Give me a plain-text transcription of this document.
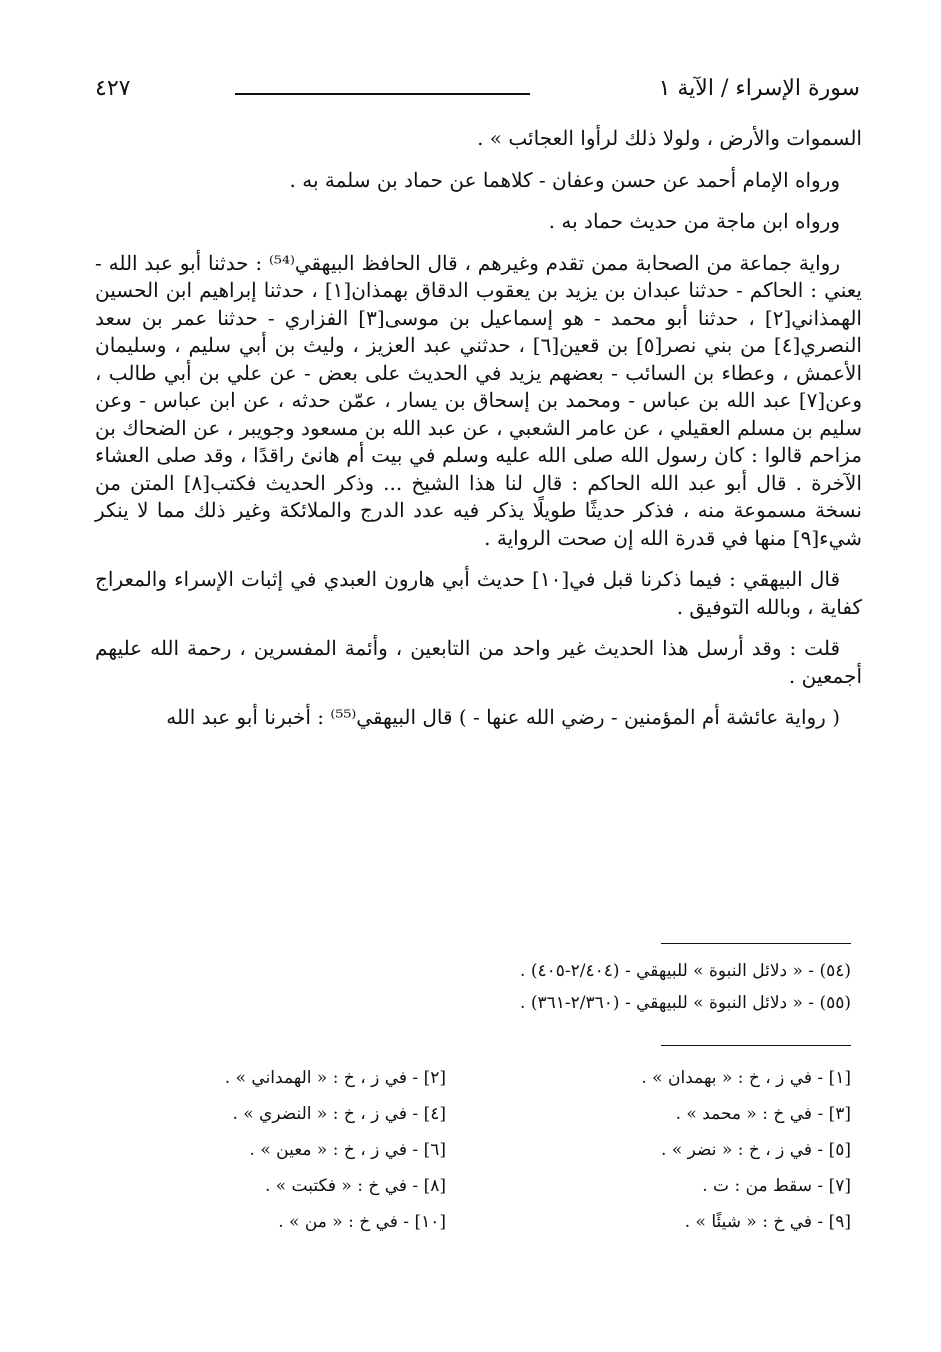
سورة الإسراء / الآية ١
٤٢٧

السموات والأرض ، ولولا ذلك لرأوا العجائب » .

ورواه الإمام أحمد عن حسن وعفان - كلاهما عن حماد بن سلمة به .

ورواه ابن ماجة من حديث حماد به .

رواية جماعة من الصحابة ممن تقدم وغيرهم ، قال الحافظ البيهقي⁽⁵⁴⁾ : حدثنا أبو عبد الله - يعني : الحاكم - حدثنا عبدان بن يزيد بن يعقوب الدقاق بهمذان[١] ، حدثنا إبراهيم ابن الحسين الهمذاني[٢] ، حدثنا أبو محمد - هو إسماعيل بن موسى[٣] الفزاري - حدثنا عمر بن سعد النصري[٤] من بني نصر[٥] بن قعين[٦] ، حدثني عبد العزيز ، وليث بن أبي سليم ، وسليمان الأعمش ، وعطاء بن السائب - بعضهم يزيد في الحديث على بعض - عن علي بن أبي طالب ، وعن[٧] عبد الله بن عباس - ومحمد بن إسحاق بن يسار ، عمّن حدثه ، عن ابن عباس - وعن سليم بن مسلم العقيلي ، عن عامر الشعبي ، عن عبد الله بن مسعود وجويبر ، عن الضحاك بن مزاحم قالوا : كان رسول الله صلى الله عليه وسلم في بيت أم هانئ راقدًا ، وقد صلى العشاء الآخرة . قال أبو عبد الله الحاكم : قال لنا هذا الشيخ ... وذكر الحديث فكتب[٨] المتن من نسخة مسموعة منه ، فذكر حديثًا طويلًا يذكر فيه عدد الدرج والملائكة وغير ذلك مما لا ينكر شيء[٩] منها في قدرة الله إن صحت الرواية .

قال البيهقي : فيما ذكرنا قبل في[١٠] حديث أبي هارون العبدي في إثبات الإسراء والمعراج كفاية ، وبالله التوفيق .

قلت : وقد أرسل هذا الحديث غير واحد من التابعين ، وأئمة المفسرين ، رحمة الله عليهم أجمعين .

( رواية عائشة أم المؤمنين - رضي الله عنها - ) قال البيهقي⁽⁵⁵⁾ : أخبرنا أبو عبد الله

(٥٤) - « دلائل النبوة » للبيهقي - (٢/٤٠٤-٤٠٥) .
(٥٥) - « دلائل النبوة » للبيهقي - (٢/٣٦٠-٣٦١) .
[١] - في ز ، خ : « بهمدان » .
[٣] - في خ : « محمد » .
[٥] - في ز ، خ : « نضر » .
[٧] - سقط من : ت .
[٩] - في خ : « شيئًا » .
[٢] - في ز ، خ : « الهمداني » .
[٤] - في ز ، خ : « النضري » .
[٦] - في ز ، خ : « معين » .
[٨] - في خ : « فكتبت » .
[١٠] - في خ : « من » .
